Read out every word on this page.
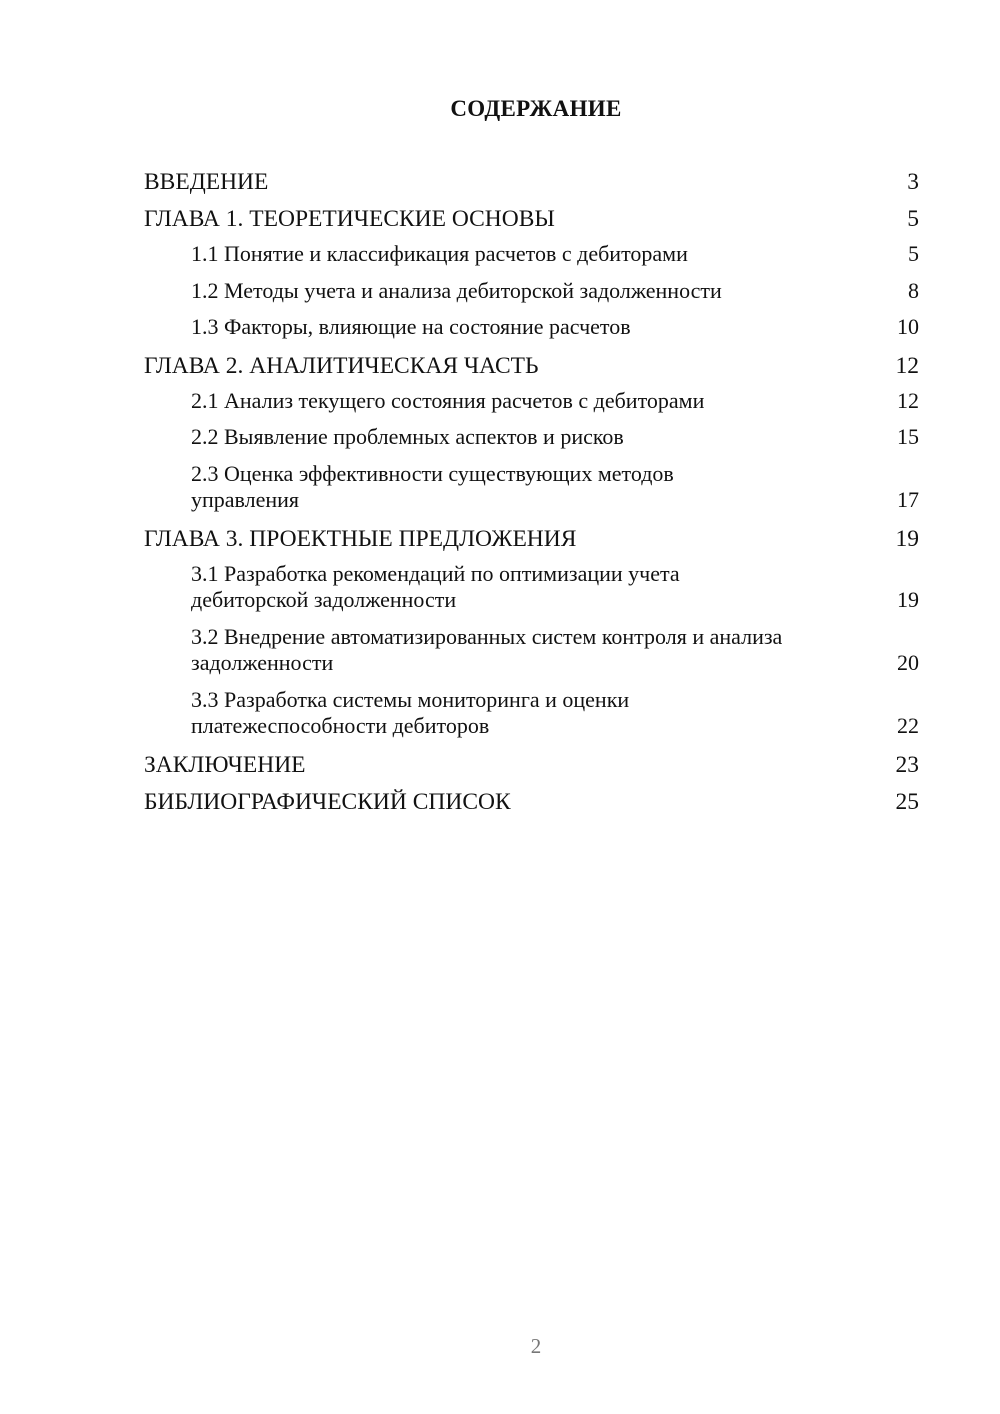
СОДЕРЖАНИЕ
ВВЕДЕНИЕ	3
ГЛАВА 1. ТЕОРЕТИЧЕСКИЕ ОСНОВЫ	5
1.1 Понятие и классификация расчетов с дебиторами	5
1.2 Методы учета и анализа дебиторской задолженности	8
1.3 Факторы, влияющие на состояние расчетов	10
ГЛАВА 2. АНАЛИТИЧЕСКАЯ ЧАСТЬ	12
2.1 Анализ текущего состояния расчетов с дебиторами	12
2.2 Выявление проблемных аспектов и рисков	15
2.3 Оценка эффективности существующих методов управления	17
ГЛАВА 3. ПРОЕКТНЫЕ ПРЕДЛОЖЕНИЯ	19
3.1 Разработка рекомендаций по оптимизации учета дебиторской задолженности	19
3.2 Внедрение автоматизированных систем контроля и анализа задолженности	20
3.3 Разработка системы мониторинга и оценки платежеспособности дебиторов	22
ЗАКЛЮЧЕНИЕ	23
БИБЛИОГРАФИЧЕСКИЙ СПИСОК	25
2
